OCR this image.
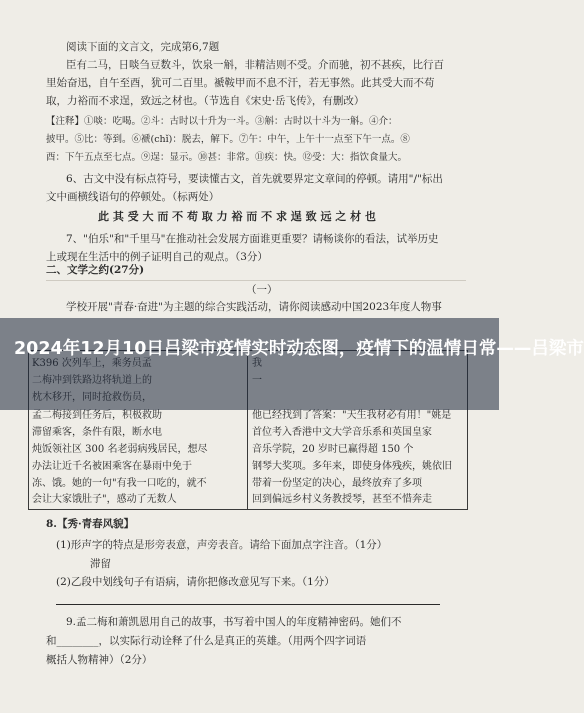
阅读下面的文言文，完成第6,7题
臣有二马，日啖刍豆数斗，饮泉一斛，非精洁则不受。介而驰，初不甚疾，比行百
里始奋迅，自午至酉，犹可二百里。褫鞍甲而不息不汗，若无事然。此其受大而不苟
取，力裕而不求逞，致远之材也。（节选自《宋史·岳飞传》，有删改）
【注释】①啖：吃喝。②斗：古时以十升为一斗。③斛：古时以十斗为一斛。④介：
披甲。⑤比：等到。⑥褫(chǐ)：脱去，解下。⑦午：中午，上午十一点至下午一点。⑧
酉：下午五点至七点。⑨逞：显示。⑩甚：非常。⑪疾：快。⑫受：大：指饮食量大。
6、古文中没有标点符号，要读懂古文，首先就要界定文章间的停顿。请用"/"标出
文中画横线语句的停顿处。（标两处）
此 其 受 大 而 不 苟 取 力 裕 而 不 求 逞 致 远 之 材 也
7、"伯乐"和"千里马"在推动社会发展方面谁更重要？请畅谈你的看法，试举历史
上或现在生活中的例子证明自己的观点。（3分）
二、文学之约(27分)
（一）
学校开展"青春·奋进"为主题的综合实践活动，请你阅读感动中国2023年度人物事
孟二梅接到任务后，积极救助
滞留乘客，条件有限，断水电
炖饭领社区 300 名老弱病残居民，想尽
办法让近千名被困乘客在暴雨中免于
冻、饿。她的一句"有我一口吃的，就不
会让大家饿肚子"，感动了无数人
他已经找到了答案："天生我材必有用！"姚是
首位考入香港中文大学音乐系和英国皇家
音乐学院，20 岁时已赢得超 150 个
钢琴大奖项。多年来，即使身体残疾，姚依旧
带着一份坚定的决心，最终放弃了多项
回到偏远乡村义务教授琴，甚至不惜奔走
2024年12月10日吕梁市疫情实时动态图，疫情下的温情日常——吕梁市
8.【秀·青春风貌】
(1)形声字的特点是形旁表意，声旁表音。请给下面加点字注音。（1分）
滞留
(2)乙段中划线句子有语病，请你把修改意见写下来。（1分）
9.孟二梅和萧凯恩用自己的故事，书写着中国人的年度精神密码。她们不
和________，以实际行动诠释了什么是真正的英雄。（用两个四字词语
概括人物精神）（2分）
